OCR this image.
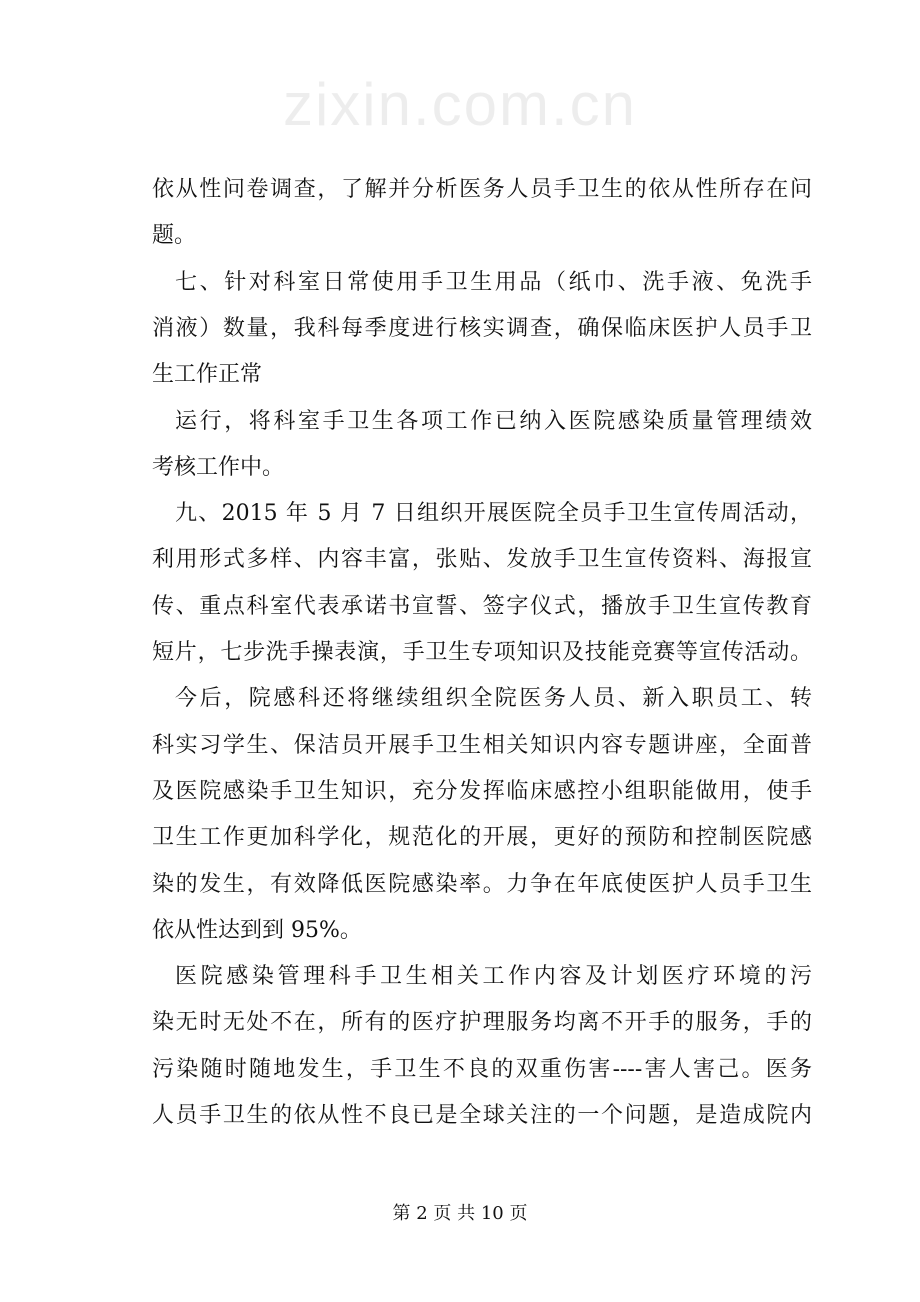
依从性问卷调查，了解并分析医务人员手卫生的依从性所存在问
题。
七、针对科室日常使用手卫生用品（纸巾、洗手液、免洗手
消液）数量，我科每季度进行核实调查，确保临床医护人员手卫
生工作正常
运行，将科室手卫生各项工作已纳入医院感染质量管理绩效
考核工作中。
九、2015 年 5 月 7 日组织开展医院全员手卫生宣传周活动，
利用形式多样、内容丰富，张贴、发放手卫生宣传资料、海报宣
传、重点科室代表承诺书宣誓、签字仪式，播放手卫生宣传教育
短片，七步洗手操表演，手卫生专项知识及技能竞赛等宣传活动。
今后，院感科还将继续组织全院医务人员、新入职员工、转
科实习学生、保洁员开展手卫生相关知识内容专题讲座，全面普
及医院感染手卫生知识，充分发挥临床感控小组职能做用，使手
卫生工作更加科学化，规范化的开展，更好的预防和控制医院感
染的发生，有效降低医院感染率。力争在年底使医护人员手卫生
依从性达到到 95%。
医院感染管理科手卫生相关工作内容及计划医疗环境的污
染无时无处不在，所有的医疗护理服务均离不开手的服务，手的
污染随时随地发生，手卫生不良的双重伤害----害人害己。医务
人员手卫生的依从性不良已是全球关注的一个问题，是造成院内
zixin.com.cn
第 2 页 共 10 页
